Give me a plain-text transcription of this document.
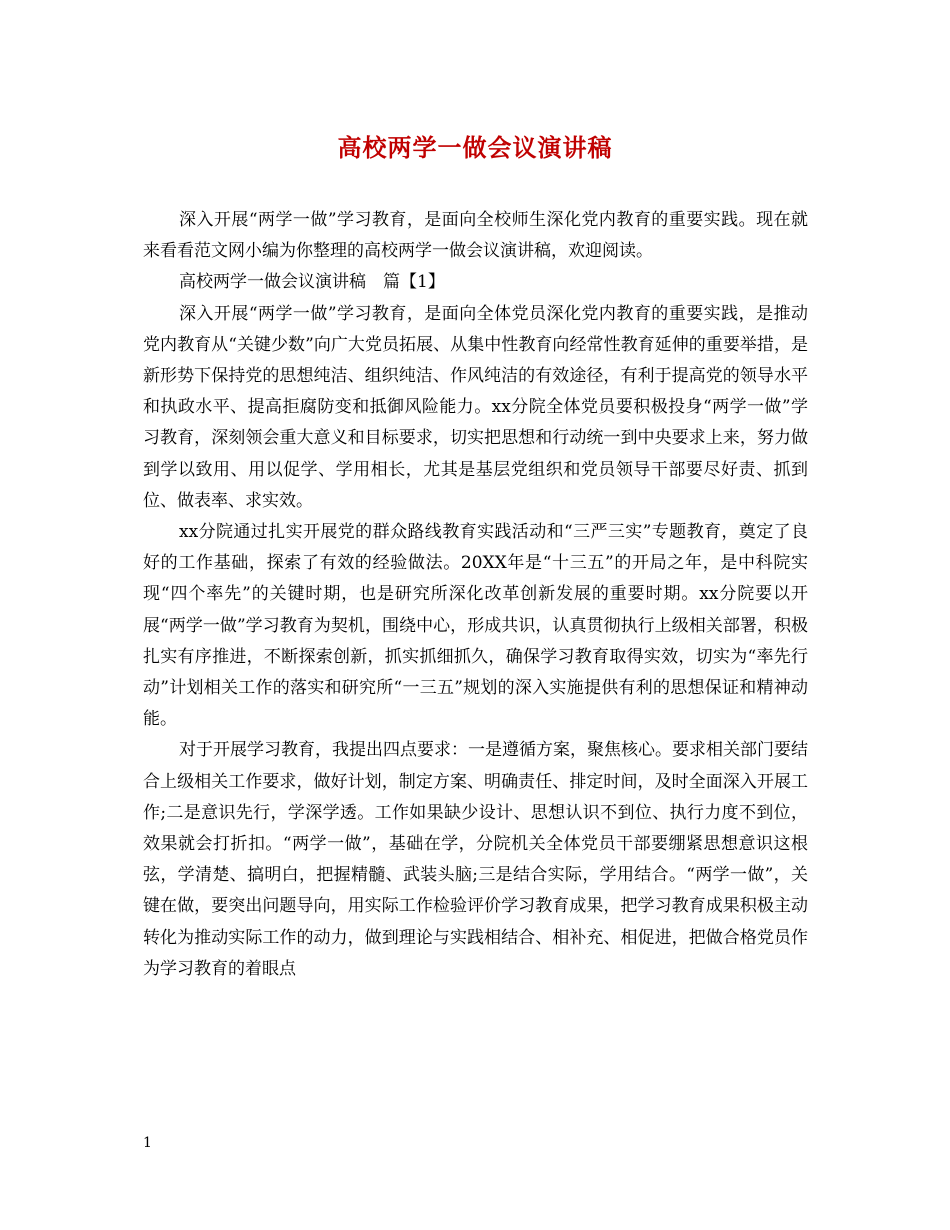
高校两学一做会议演讲稿

深入开展“两学一做”学习教育，是面向全校师生深化党内教育的重要实践。现在就来看看范文网小编为你整理的高校两学一做会议演讲稿，欢迎阅读。

高校两学一做会议演讲稿　篇【1】

深入开展“两学一做”学习教育，是面向全体党员深化党内教育的重要实践，是推动党内教育从“关键少数”向广大党员拓展、从集中性教育向经常性教育延伸的重要举措，是新形势下保持党的思想纯洁、组织纯洁、作风纯洁的有效途径，有利于提高党的领导水平和执政水平、提高拒腐防变和抵御风险能力。xx分院全体党员要积极投身“两学一做”学习教育，深刻领会重大意义和目标要求，切实把思想和行动统一到中央要求上来，努力做到学以致用、用以促学、学用相长，尤其是基层党组织和党员领导干部要尽好责、抓到位、做表率、求实效。

xx分院通过扎实开展党的群众路线教育实践活动和“三严三实”专题教育，奠定了良好的工作基础，探索了有效的经验做法。20XX年是“十三五”的开局之年，是中科院实现“四个率先”的关键时期，也是研究所深化改革创新发展的重要时期。xx分院要以开展“两学一做”学习教育为契机，围绕中心，形成共识，认真贯彻执行上级相关部署，积极扎实有序推进，不断探索创新，抓实抓细抓久，确保学习教育取得实效，切实为“率先行动”计划相关工作的落实和研究所“一三五”规划的深入实施提供有利的思想保证和精神动能。

对于开展学习教育，我提出四点要求：一是遵循方案，聚焦核心。要求相关部门要结合上级相关工作要求，做好计划，制定方案、明确责任、排定时间，及时全面深入开展工作;二是意识先行，学深学透。工作如果缺少设计、思想认识不到位、执行力度不到位，效果就会打折扣。“两学一做”，基础在学，分院机关全体党员干部要绷紧思想意识这根弦，学清楚、搞明白，把握精髓、武装头脑;三是结合实际，学用结合。“两学一做”，关键在做，要突出问题导向，用实际工作检验评价学习教育成果，把学习教育成果积极主动转化为推动实际工作的动力，做到理论与实践相结合、相补充、相促进，把做合格党员作为学习教育的着眼点

1
